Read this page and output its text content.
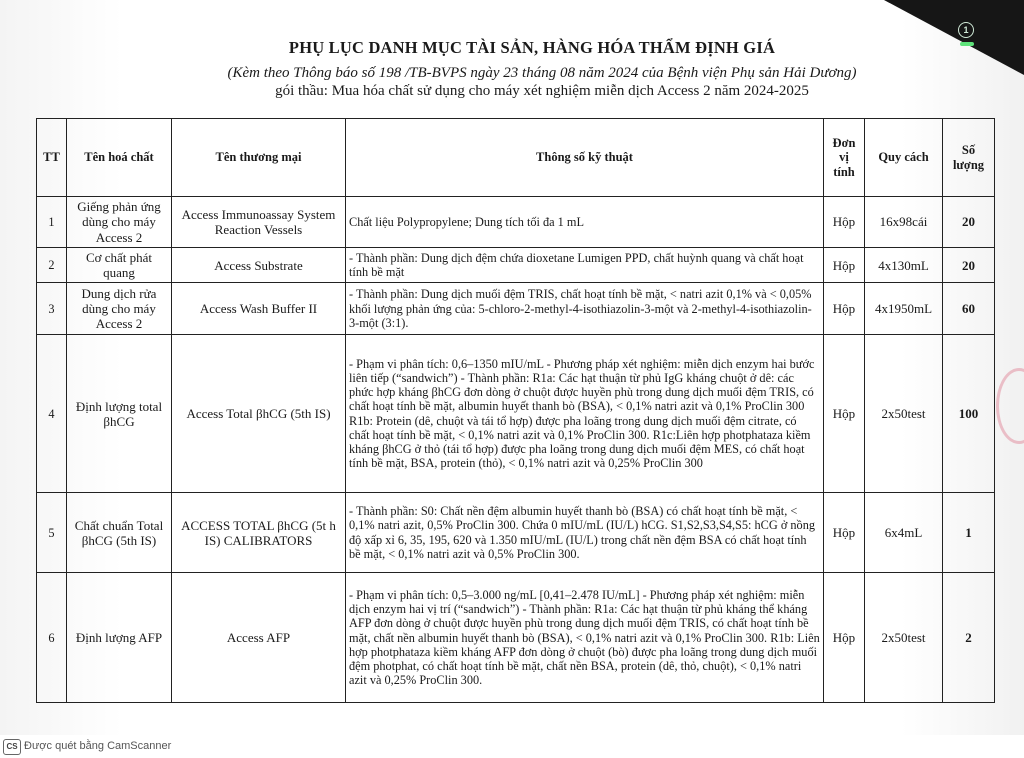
1
PHỤ LỤC DANH MỤC TÀI SẢN, HÀNG HÓA THẨM ĐỊNH GIÁ
(Kèm theo Thông báo số 198 /TB-BVPS ngày 23 tháng 08 năm 2024 của Bệnh viện Phụ sản Hải Dương)
gói thầu: Mua hóa chất sử dụng cho máy xét nghiệm miễn dịch Access 2 năm 2024-2025
TT	Tên hoá chất	Tên thương mại	Thông số kỹ thuật	Đơn vị tính	Quy cách	Số lượng
1	Giếng phản ứng dùng cho máy Access 2	Access Immunoassay System Reaction Vessels	Chất liệu Polypropylene; Dung tích tối đa 1 mL	Hộp	16x98cái	20
2	Cơ chất phát quang	Access Substrate	- Thành phần: Dung dịch đệm chứa dioxetane Lumigen PPD, chất huỳnh quang và chất hoạt tính bề mặt	Hộp	4x130mL	20
3	Dung dịch rửa dùng cho máy Access 2	Access Wash Buffer II	- Thành phần: Dung dịch muối đệm TRIS, chất hoạt tính bề mặt, < natri azit 0,1% và < 0,05% khối lượng phản ứng của: 5-chloro-2-methyl-4-isothiazolin-3-một và 2-methyl-4-isothiazolin-3-một (3:1).	Hộp	4x1950mL	60
4	Định lượng total βhCG	Access Total βhCG (5th IS)	- Phạm vi phân tích: 0,6–1350 mIU/mL - Phương pháp xét nghiệm: miễn dịch enzym hai bước liên tiếp (“sandwich”) - Thành phần: R1a: Các hạt thuận từ phủ IgG kháng chuột ở dê: các phức hợp kháng βhCG đơn dòng ở chuột được huyền phù trong dung dịch muối đệm TRIS, có chất hoạt tính bề mặt, albumin huyết thanh bò (BSA), < 0,1% natri azit và 0,1% ProClin 300 R1b: Protein (dê, chuột và tái tổ hợp) được pha loãng trong dung dịch muối đệm citrate, có chất hoạt tính bề mặt, < 0,1% natri azit và 0,1% ProClin 300. R1c:Liên hợp photphataza kiềm kháng βhCG ở thỏ (tái tổ hợp) được pha loãng trong dung dịch muối đệm MES, có chất hoạt tính bề mặt, BSA, protein (thỏ), < 0,1% natri azit và 0,25% ProClin 300	Hộp	2x50test	100
5	Chất chuẩn Total βhCG (5th IS)	ACCESS TOTAL βhCG (5t h IS) CALIBRATORS	- Thành phần: S0: Chất nền đệm albumin huyết thanh bò (BSA) có chất hoạt tính bề mặt, < 0,1% natri azit, 0,5% ProClin 300. Chứa 0 mIU/mL (IU/L) hCG. S1,S2,S3,S4,S5: hCG ở nồng độ xấp xỉ 6, 35, 195, 620 và 1.350 mIU/mL (IU/L) trong chất nền đệm BSA có chất hoạt tính bề mặt, < 0,1% natri azit và 0,5% ProClin 300.	Hộp	6x4mL	1
6	Định lượng AFP	Access AFP	- Phạm vi phân tích: 0,5–3.000 ng/mL [0,41–2.478 IU/mL] - Phương pháp xét nghiệm: miễn dịch enzym hai vị trí (“sandwich”) - Thành phần: R1a: Các hạt thuận từ phủ kháng thể kháng AFP đơn dòng ở chuột được huyền phù trong dung dịch muối đệm TRIS, có chất hoạt tính bề mặt, chất nền albumin huyết thanh bò (BSA), < 0,1% natri azit và 0,1% ProClin 300. R1b: Liên hợp photphataza kiềm kháng AFP đơn dòng ở chuột (bò) được pha loãng trong dung dịch muối đệm photphat, có chất hoạt tính bề mặt, chất nền BSA, protein (dê, thỏ, chuột), < 0,1% natri azit và 0,25% ProClin 300.	Hộp	2x50test	2
CS Được quét bằng CamScanner
